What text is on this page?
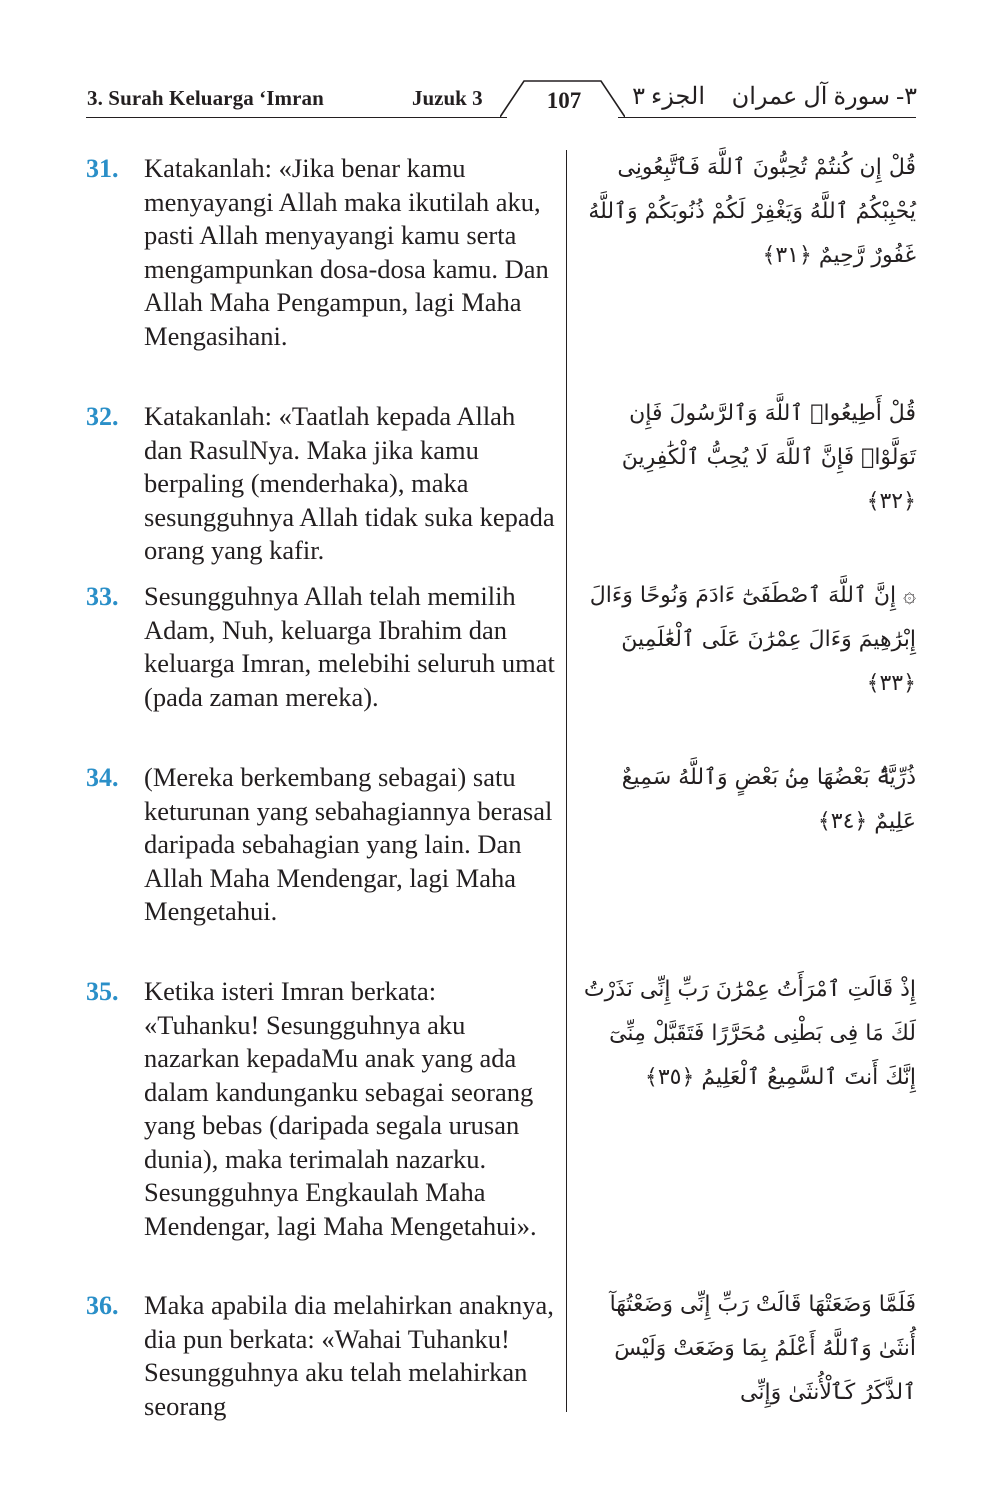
3. Surah Keluarga ‘Imran	Juzuk 3	107	الجزء ٣	٣- سورة آل عمران
31. Katakanlah: «Jika benar kamu menyayangi Allah maka ikutilah aku, pasti Allah menyayangi kamu serta mengampunkan dosa-dosa kamu. Dan Allah Maha Pengampun, lagi Maha Mengasihani.
قُلْ إِن كُنتُمْ تُحِبُّونَ ٱللَّهَ فَٱتَّبِعُونِى يُحْبِبْكُمُ ٱللَّهُ وَيَغْفِرْ لَكُمْ ذُنُوبَكُمْ وَٱللَّهُ غَفُورٌ رَّحِيمٌ ﴿٣١﴾
32. Katakanlah: «Taatlah kepada Allah dan RasulNya. Maka jika kamu berpaling (menderhaka), maka sesungguhnya Allah tidak suka kepada orang yang kafir.
قُلْ أَطِيعُوا۟ ٱللَّهَ وَٱلرَّسُولَ فَإِن تَوَلَّوْا۟ فَإِنَّ ٱللَّهَ لَا يُحِبُّ ٱلْكَٰفِرِينَ ﴿٣٢﴾
33. Sesungguhnya Allah telah memilih Adam, Nuh, keluarga Ibrahim dan keluarga Imran, melebihi seluruh umat (pada zaman mereka).
۞ إِنَّ ٱللَّهَ ٱصْطَفَىٰٓ ءَادَمَ وَنُوحًا وَءَالَ إِبْرَٰهِيمَ وَءَالَ عِمْرَٰنَ عَلَى ٱلْعَٰلَمِينَ ﴿٣٣﴾
34. (Mereka berkembang sebagai) satu keturunan yang sebahagiannya berasal daripada sebahagian yang lain. Dan Allah Maha Mendengar, lagi Maha Mengetahui.
ذُرِّيَّةًۢ بَعْضُهَا مِنۢ بَعْضٍ وَٱللَّهُ سَمِيعٌ عَلِيمٌ ﴿٣٤﴾
35. Ketika isteri Imran berkata: «Tuhanku! Sesungguhnya aku nazarkan kepadaMu anak yang ada dalam kandunganku sebagai seorang yang bebas (daripada segala urusan dunia), maka terimalah nazarku. Sesungguhnya Engkaulah Maha Mendengar, lagi Maha Mengetahui».
إِذْ قَالَتِ ٱمْرَأَتُ عِمْرَٰنَ رَبِّ إِنِّى نَذَرْتُ لَكَ مَا فِى بَطْنِى مُحَرَّرًا فَتَقَبَّلْ مِنِّىٓ إِنَّكَ أَنتَ ٱلسَّمِيعُ ٱلْعَلِيمُ ﴿٣٥﴾
36. Maka apabila dia melahirkan anaknya, dia pun berkata: «Wahai Tuhanku! Sesungguhnya aku telah melahirkan seorang
فَلَمَّا وَضَعَتْهَا قَالَتْ رَبِّ إِنِّى وَضَعْتُهَآ أُنثَىٰ وَٱللَّهُ أَعْلَمُ بِمَا وَضَعَتْ وَلَيْسَ ٱلذَّكَرُ كَٱلْأُنثَىٰ وَإِنِّى
